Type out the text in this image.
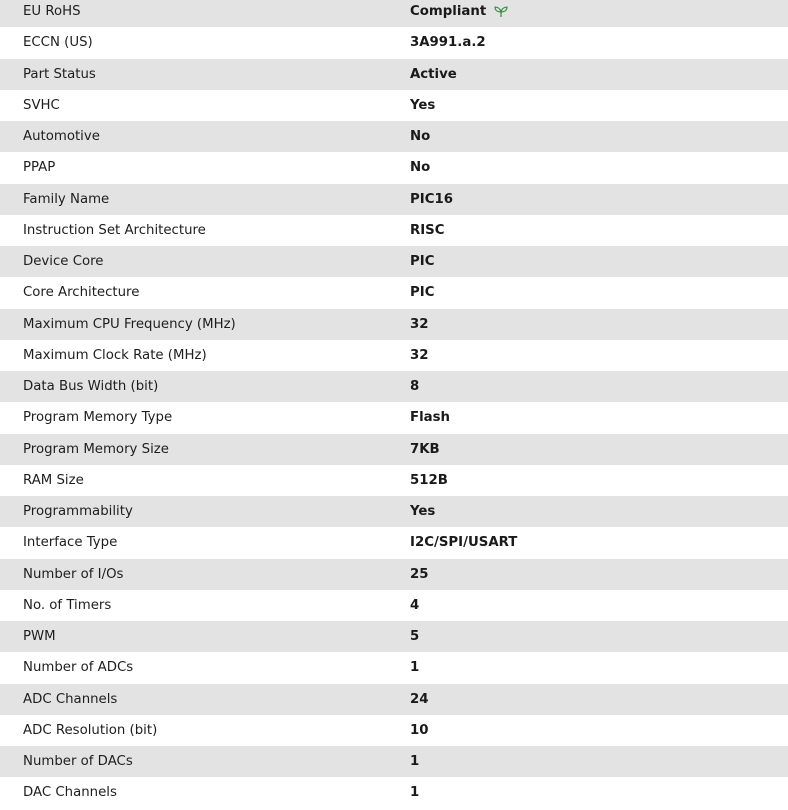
EU RoHS	Compliant
ECCN (US)	3A991.a.2
Part Status	Active
SVHC	Yes
Automotive	No
PPAP	No
Family Name	PIC16
Instruction Set Architecture	RISC
Device Core	PIC
Core Architecture	PIC
Maximum CPU Frequency (MHz)	32
Maximum Clock Rate (MHz)	32
Data Bus Width (bit)	8
Program Memory Type	Flash
Program Memory Size	7KB
RAM Size	512B
Programmability	Yes
Interface Type	I2C/SPI/USART
Number of I/Os	25
No. of Timers	4
PWM	5
Number of ADCs	1
ADC Channels	24
ADC Resolution (bit)	10
Number of DACs	1
DAC Channels	1
